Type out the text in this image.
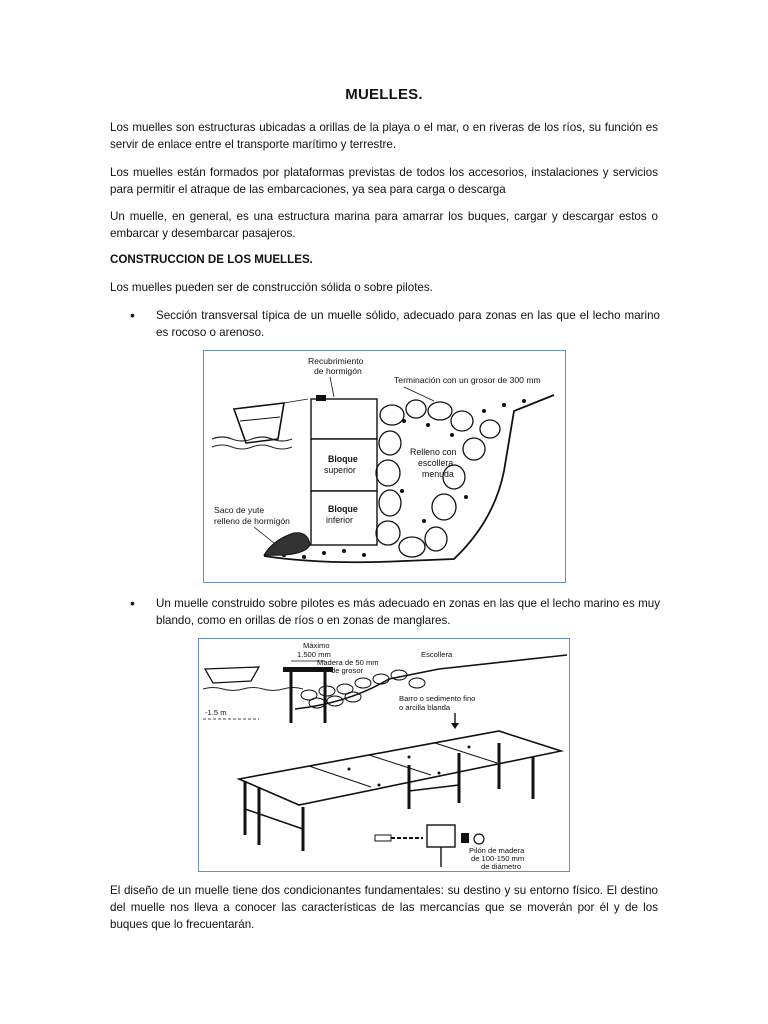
MUELLES.
Los muelles son estructuras ubicadas a orillas de la playa o el mar, o en riveras de los ríos, su función es servir de enlace entre el transporte marítimo y terrestre.
Los muelles están formados por plataformas previstas de todos los accesorios, instalaciones y servicios para permitir el atraque de las embarcaciones, ya sea para carga o descarga
Un muelle, en general, es una estructura marina para amarrar los buques, cargar y descargar estos o embarcar y desembarcar pasajeros.
CONSTRUCCION DE LOS MUELLES.
Los muelles pueden ser de construcción sólida o sobre pilotes.
• Sección transversal típica de un muelle sólido, adecuado para zonas en las que el lecho marino es rocoso o arenoso.
Recubrimiento
de hormigón
Terminación con un grosor de 300 mm
Bloque
superior
Bloque
inferior
Relleno con
escollera
menuda
Saco de yute
relleno de hormigón
• Un muelle construido sobre pilotes es más adecuado en zonas en las que el lecho marino es muy blando, como en orillas de ríos o en zonas de manglares.
Máximo
1.500 mm
Madera de 50 mm
de grosor
Escollera
Barro o sedimento fino
o arcilla blanda
-1.5 m
Pilón de madera
de 100-150 mm
de diámetro
El diseño de un muelle tiene dos condicionantes fundamentales: su destino y su entorno físico. El destino del muelle nos lleva a conocer las características de las mercancías que se moverán por él y de los buques que lo frecuentarán.
